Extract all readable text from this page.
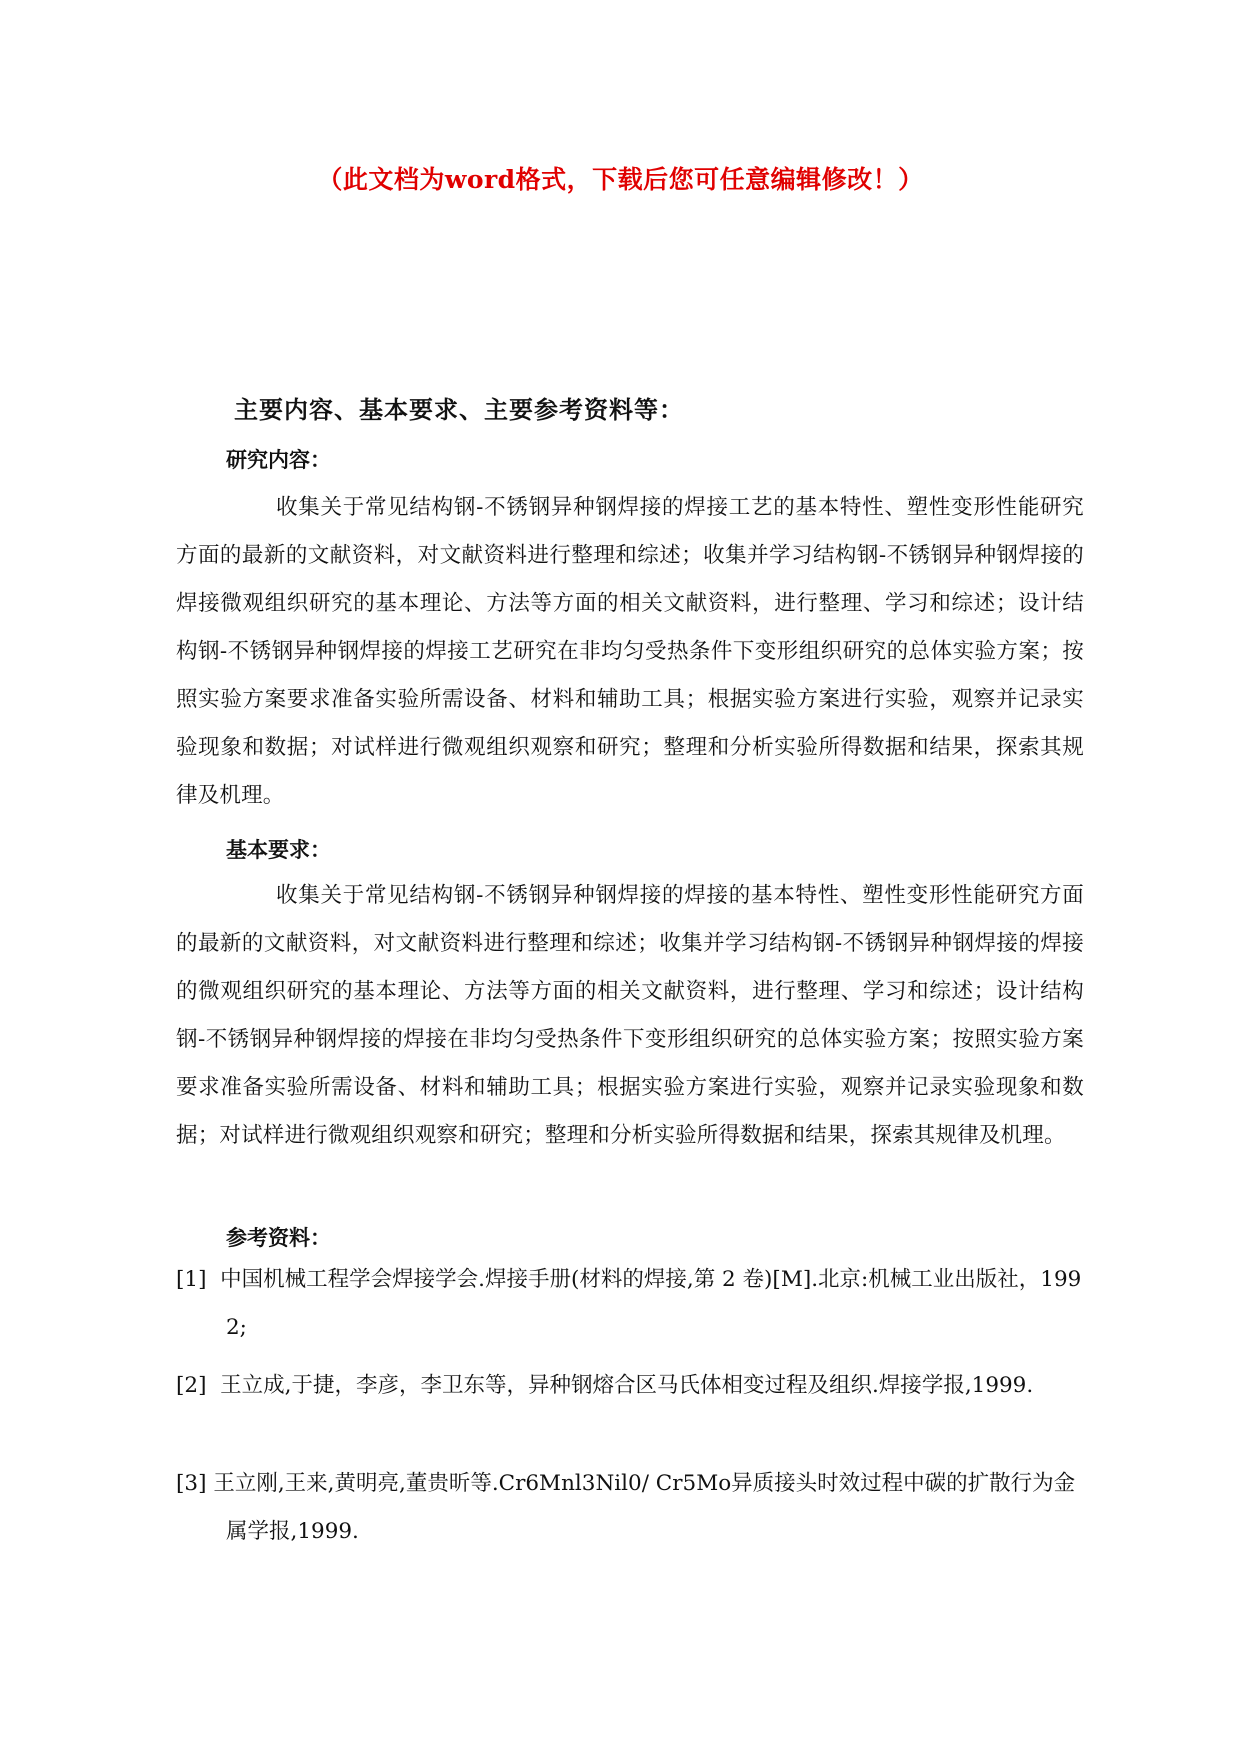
（此文档为word格式，下载后您可任意编辑修改！）
主要内容、基本要求、主要参考资料等：
研究内容：
收集关于常见结构钢-不锈钢异种钢焊接的焊接工艺的基本特性、塑性变形性能研究方面的最新的文献资料，对文献资料进行整理和综述；收集并学习结构钢-不锈钢异种钢焊接的焊接微观组织研究的基本理论、方法等方面的相关文献资料，进行整理、学习和综述；设计结构钢-不锈钢异种钢焊接的焊接工艺研究在非均匀受热条件下变形组织研究的总体实验方案；按照实验方案要求准备实验所需设备、材料和辅助工具；根据实验方案进行实验，观察并记录实验现象和数据；对试样进行微观组织观察和研究；整理和分析实验所得数据和结果，探索其规律及机理。
基本要求：
收集关于常见结构钢-不锈钢异种钢焊接的焊接的基本特性、塑性变形性能研究方面的最新的文献资料，对文献资料进行整理和综述；收集并学习结构钢-不锈钢异种钢焊接的焊接的微观组织研究的基本理论、方法等方面的相关文献资料，进行整理、学习和综述；设计结构钢-不锈钢异种钢焊接的焊接在非均匀受热条件下变形组织研究的总体实验方案；按照实验方案要求准备实验所需设备、材料和辅助工具；根据实验方案进行实验，观察并记录实验现象和数据；对试样进行微观组织观察和研究；整理和分析实验所得数据和结果，探索其规律及机理。
参考资料：
[1] 中国机械工程学会焊接学会.焊接手册(材料的焊接,第 2 卷)[M].北京:机械工业出版社，1992;
[2] 王立成,于捷，李彦，李卫东等，异种钢熔合区马氏体相变过程及组织.焊接学报,1999.
[3] 王立刚,王来,黄明亮,董贵昕等.Cr6Mnl3Nil0/ Cr5Mo异质接头时效过程中碳的扩散行为金属学报,1999.
